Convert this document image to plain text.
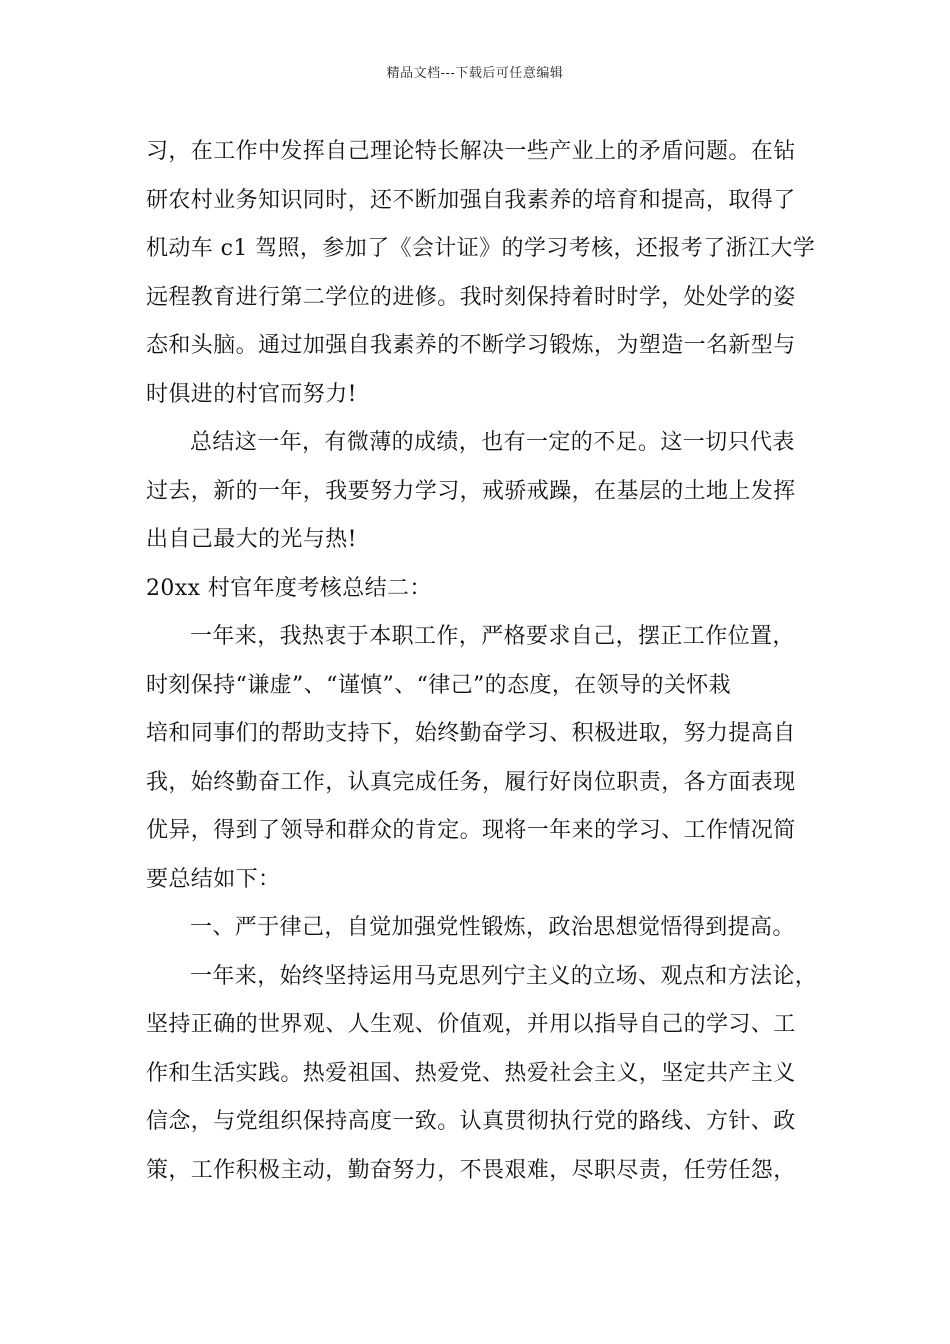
精品文档---下载后可任意编辑
习，在工作中发挥自己理论特长解决一些产业上的矛盾问题。在钻
研农村业务知识同时，还不断加强自我素养的培育和提高，取得了
机动车 c1 驾照，参加了《会计证》的学习考核，还报考了浙江大学
远程教育进行第二学位的进修。我时刻保持着时时学，处处学的姿
态和头脑。通过加强自我素养的不断学习锻炼，为塑造一名新型与
时俱进的村官而努力!
总结这一年，有微薄的成绩，也有一定的不足。这一切只代表
过去，新的一年，我要努力学习，戒骄戒躁，在基层的土地上发挥
出自己最大的光与热!
20xx 村官年度考核总结二：
一年来，我热衷于本职工作，严格要求自己，摆正工作位置，
时刻保持“谦虚”、“谨慎”、“律己”的态度，在领导的关怀栽
培和同事们的帮助支持下，始终勤奋学习、积极进取，努力提高自
我，始终勤奋工作，认真完成任务，履行好岗位职责，各方面表现
优异，得到了领导和群众的肯定。现将一年来的学习、工作情况简
要总结如下：
一、严于律己，自觉加强党性锻炼，政治思想觉悟得到提高。
一年来，始终坚持运用马克思列宁主义的立场、观点和方法论，
坚持正确的世界观、人生观、价值观，并用以指导自己的学习、工
作和生活实践。热爱祖国、热爱党、热爱社会主义，坚定共产主义
信念，与党组织保持高度一致。认真贯彻执行党的路线、方针、政
策，工作积极主动，勤奋努力，不畏艰难，尽职尽责，任劳任怨，
